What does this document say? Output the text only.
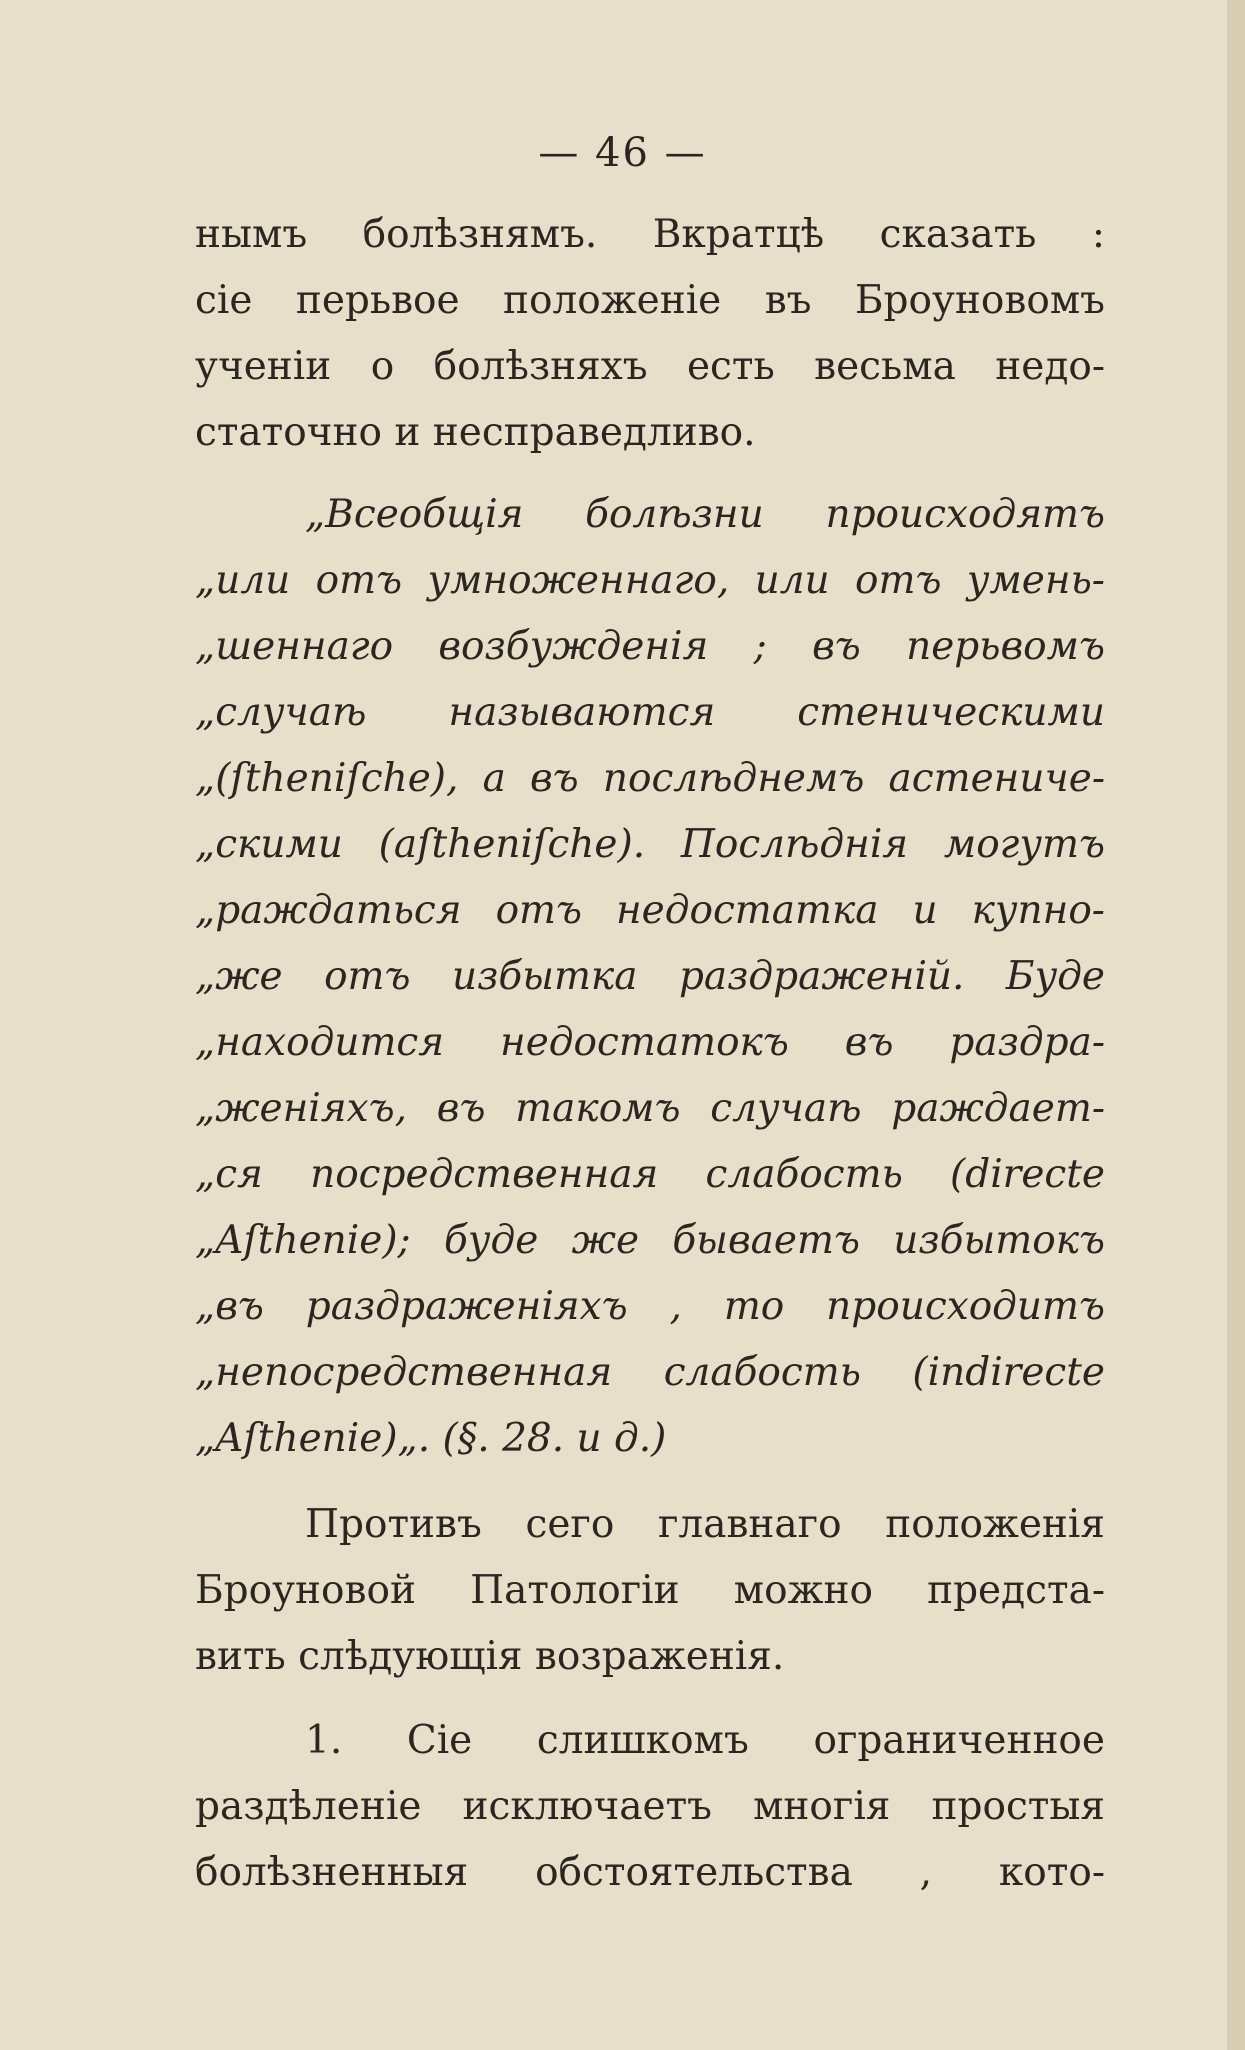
— 46 —
нымъ болѣзнямъ. Вкратцѣ сказать :
сіе перьвое положеніе въ Броуновомъ
ученіи о болѣзняхъ есть весьма недо-
статочно и несправедливо.
„Всеобщія болѣзни происходятъ
„или отъ умноженнаго, или отъ умень-
„шеннаго возбужденія ; въ перьвомъ
„случаѣ называются стеническими
„(ſtheniſche), а въ послѣднемъ астениче-
„скими (aſtheniſche). Послѣднія могутъ
„раждаться отъ недостатка и купно-
„же отъ избытка раздраженій. Буде
„находится недостатокъ въ раздра-
„женіяхъ, въ такомъ случаѣ раждает-
„ся посредственная слабость (directe
„Aſthenie); буде же бываетъ избытокъ
„въ раздраженіяхъ , то происходитъ
„непосредственная слабость (indirecte
„Aſthenie)„. (§. 28. и д.)
Противъ сего главнаго положенія
Броуновой Патологіи можно предста-
вить слѣдующія возраженія.
1. Сіе слишкомъ ограниченное
раздѣленіе исключаетъ многія простыя
болѣзненныя обстоятельства , кото-
